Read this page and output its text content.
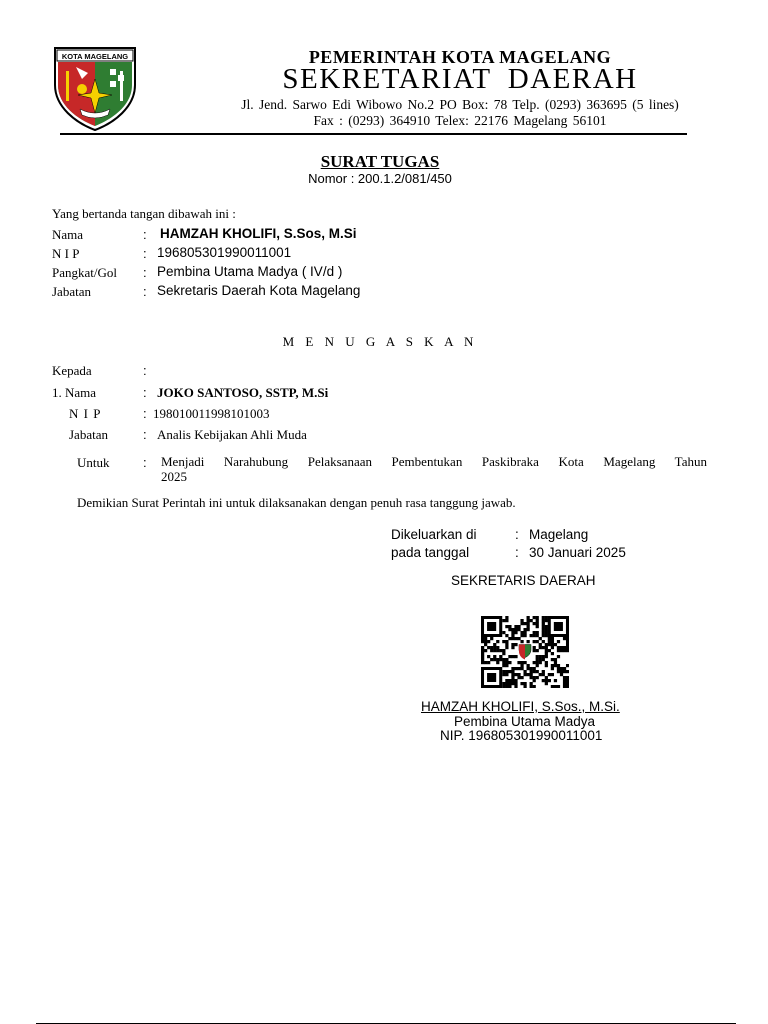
KOTA MAGELANG	PEMERINTAH KOTA MAGELANG
SEKRETARIAT DAERAH
Jl. Jend. Sarwo Edi Wibowo No.2 PO Box: 78 Telp. (0293) 363695 (5 lines)
Fax : (0293) 364910 Telex: 22176 Magelang 56101
SURAT TUGAS
Nomor : 200.1.2/081/450
Yang bertanda tangan dibawah ini :
Nama	: HAMZAH KHOLIFI, S.Sos, M.Si
N I P	: 196805301990011001
Pangkat/Gol : Pembina Utama Madya ( IV/d )
Jabatan	: Sekretaris Daerah Kota Magelang
M E N U G A S K A N
Kepada	:
1. Nama	: JOKO SANTOSO, SSTP, M.Si
N I P	: 198010011998101003
Jabatan	: Analis Kebijakan Ahli Muda
Untuk	: Menjadi Narahubung Pelaksanaan Pembentukan Paskibraka Kota Magelang Tahun
2025
Demikian Surat Perintah ini untuk dilaksanakan dengan penuh rasa tanggung jawab.
Dikeluarkan di	: Magelang
pada tanggal	: 30 Januari 2025
SEKRETARIS DAERAH
HAMZAH KHOLIFI, S.Sos., M.Si.
Pembina Utama Madya
NIP. 196805301990011001
